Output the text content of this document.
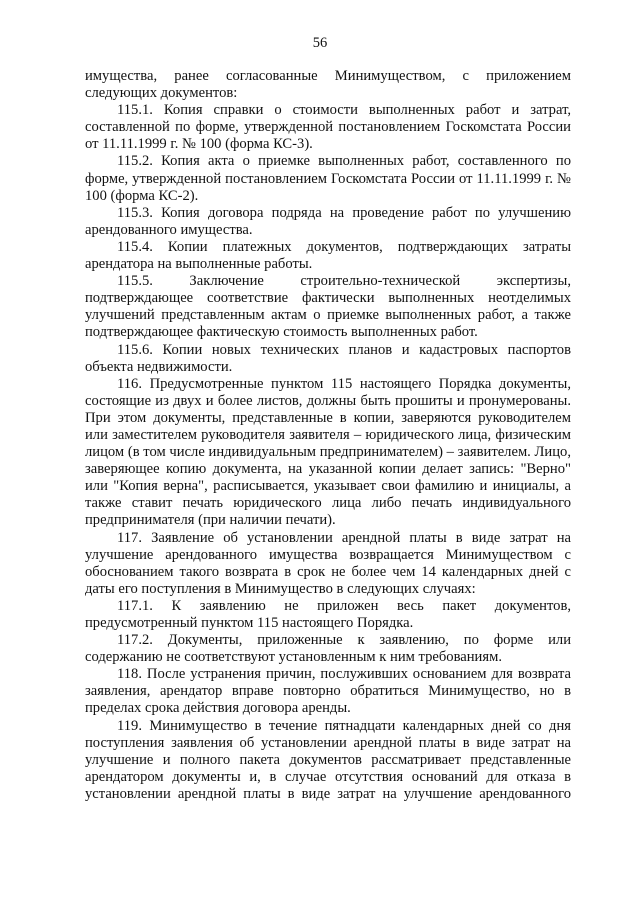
56

имущества, ранее согласованные Минимуществом, с приложением следующих документов:

115.1. Копия справки о стоимости выполненных работ и затрат, составленной по форме, утвержденной постановлением Госкомстата России от 11.11.1999 г. № 100 (форма КС-3).

115.2. Копия акта о приемке выполненных работ, составленного по форме, утвержденной постановлением Госкомстата России от 11.11.1999 г. № 100 (форма КС-2).

115.3. Копия договора подряда на проведение работ по улучшению арендованного имущества.

115.4. Копии платежных документов, подтверждающих затраты арендатора на выполненные работы.

115.5. Заключение строительно-технической экспертизы, подтверждающее соответствие фактически выполненных неотделимых улучшений представленным актам о приемке выполненных работ, а также подтверждающее фактическую стоимость выполненных работ.

115.6. Копии новых технических планов и кадастровых паспортов объекта недвижимости.

116. Предусмотренные пунктом 115 настоящего Порядка документы, состоящие из двух и более листов, должны быть прошиты и пронумерованы. При этом документы, представленные в копии, заверяются руководителем или заместителем руководителя заявителя – юридического лица, физическим лицом (в том числе индивидуальным предпринимателем) – заявителем. Лицо, заверяющее копию документа, на указанной копии делает запись: "Верно" или "Копия верна", расписывается, указывает свои фамилию и инициалы, а также ставит печать юридического лица либо печать индивидуального предпринимателя (при наличии печати).

117. Заявление об установлении арендной платы в виде затрат на улучшение арендованного имущества возвращается Минимуществом с обоснованием такого возврата в срок не более чем 14 календарных дней с даты его поступления в Минимущество в следующих случаях:

117.1. К заявлению не приложен весь пакет документов, предусмотренный пунктом 115 настоящего Порядка.

117.2. Документы, приложенные к заявлению, по форме или содержанию не соответствуют установленным к ним требованиям.

118. После устранения причин, послуживших основанием для возврата заявления, арендатор вправе повторно обратиться Минимущество, но в пределах срока действия договора аренды.

119. Минимущество в течение пятнадцати календарных дней со дня поступления заявления об установлении арендной платы в виде затрат на улучшение и полного пакета документов рассматривает представленные арендатором документы и, в случае отсутствия оснований для отказа в установлении арендной платы в виде затрат на улучшение арендованного
